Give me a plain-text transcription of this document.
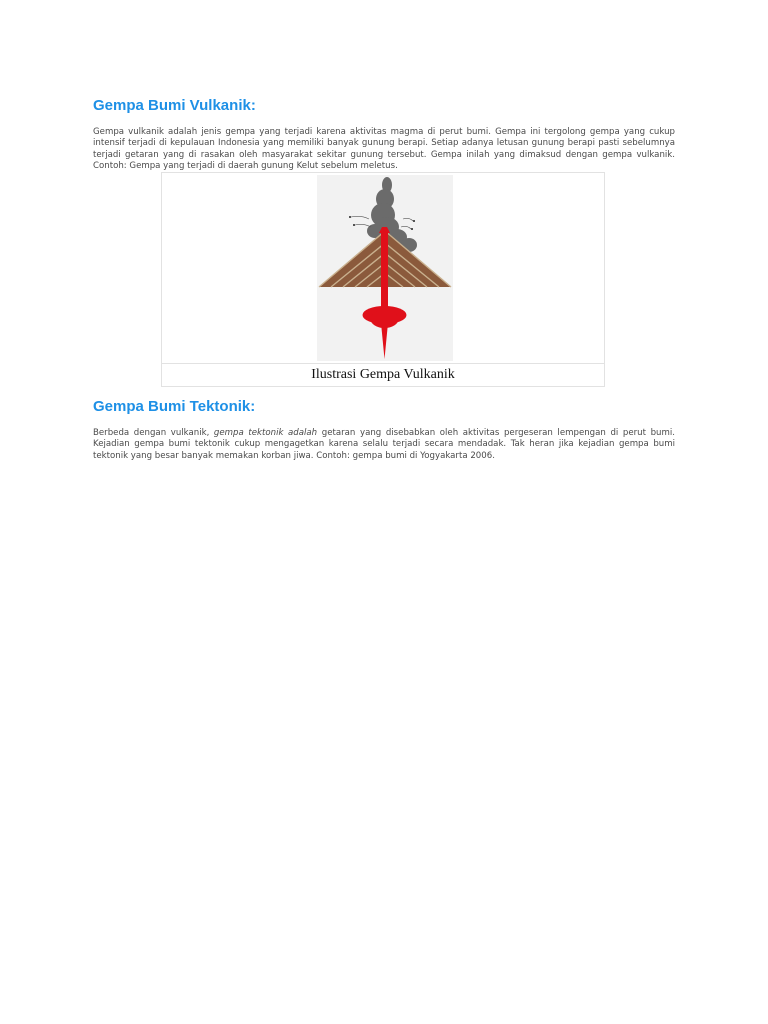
Gempa Bumi Vulkanik:

Gempa vulkanik adalah jenis gempa yang terjadi karena aktivitas magma di perut bumi. Gempa ini tergolong gempa yang cukup intensif terjadi di kepulauan Indonesia yang memiliki banyak gunung berapi. Setiap adanya letusan gunung berapi pasti sebelumnya terjadi getaran yang di rasakan oleh masyarakat sekitar gunung tersebut. Gempa inilah yang dimaksud dengan gempa vulkanik. Contoh: Gempa yang terjadi di daerah gunung Kelut sebelum meletus.

Ilustrasi Gempa Vulkanik
Gempa Bumi Tektonik:

Berbeda dengan vulkanik, gempa tektonik adalah getaran yang disebabkan oleh aktivitas pergeseran lempengan di perut bumi. Kejadian gempa bumi tektonik cukup mengagetkan karena selalu terjadi secara mendadak. Tak heran jika kejadian gempa bumi tektonik yang besar banyak memakan korban jiwa. Contoh: gempa bumi di Yogyakarta 2006.
